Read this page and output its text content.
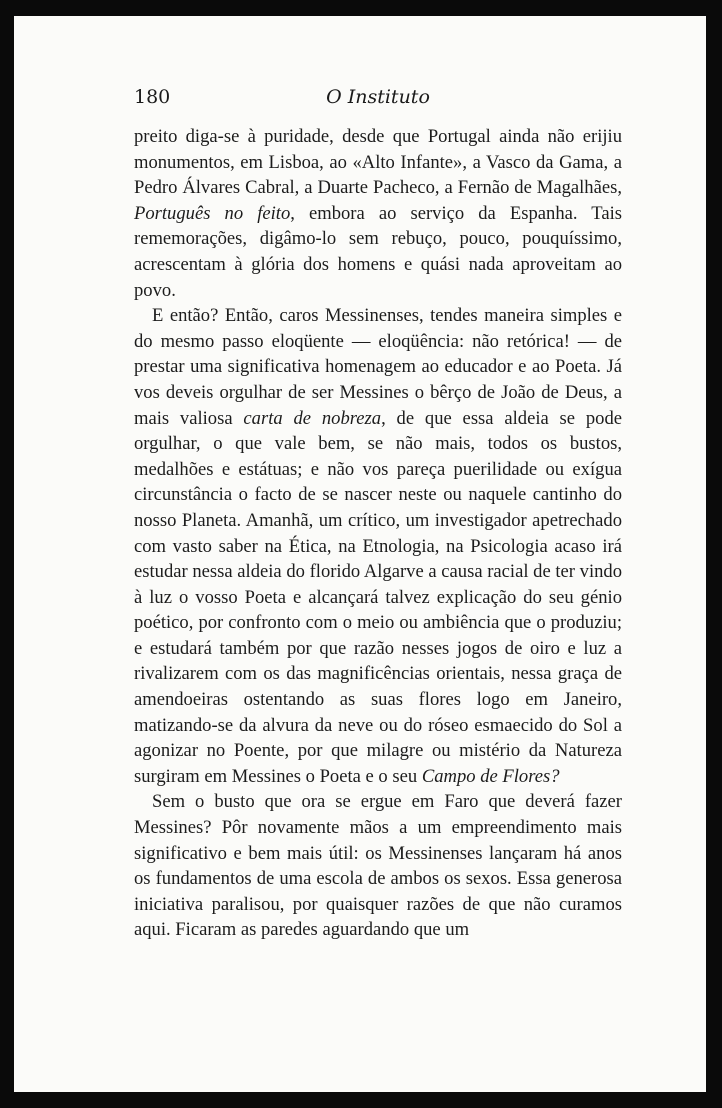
180	O Instituto

preito diga-se à puridade, desde que Portugal ainda não erijiu monumentos, em Lisboa, ao «Alto Infante», a Vasco da Gama, a Pedro Álvares Cabral, a Duarte Pacheco, a Fernão de Magalhães, Português no feito, embora ao serviço da Espanha. Tais rememorações, digâmo-lo sem rebuço, pouco, pouquíssimo, acrescentam à glória dos homens e quási nada aproveitam ao povo.

E então? Então, caros Messinenses, tendes maneira simples e do mesmo passo eloqüente — eloqüência: não retórica! — de prestar uma significativa homenagem ao educador e ao Poeta. Já vos deveis orgulhar de ser Messines o bêrço de João de Deus, a mais valiosa carta de nobreza, de que essa aldeia se pode orgulhar, o que vale bem, se não mais, todos os bustos, medalhões e estátuas; e não vos pareça puerilidade ou exígua circunstância o facto de se nascer neste ou naquele cantinho do nosso Planeta. Amanhã, um crítico, um investigador apetrechado com vasto saber na Ética, na Etnologia, na Psicologia acaso irá estudar nessa aldeia do florido Algarve a causa racial de ter vindo à luz o vosso Poeta e alcançará talvez explicação do seu génio poético, por confronto com o meio ou ambiência que o produziu; e estudará também por que razão nesses jogos de oiro e luz a rivalizarem com os das magnificências orientais, nessa graça de amendoeiras ostentando as suas flores logo em Janeiro, matizando-se da alvura da neve ou do róseo esmaecido do Sol a agonizar no Poente, por que milagre ou mistério da Natureza surgiram em Messines o Poeta e o seu Campo de Flores?

Sem o busto que ora se ergue em Faro que deverá fazer Messines? Pôr novamente mãos a um empreendimento mais significativo e bem mais útil: os Messinenses lançaram há anos os fundamentos de uma escola de ambos os sexos. Essa generosa iniciativa paralisou, por quaisquer razões de que não curamos aqui. Ficaram as paredes aguardando que um
